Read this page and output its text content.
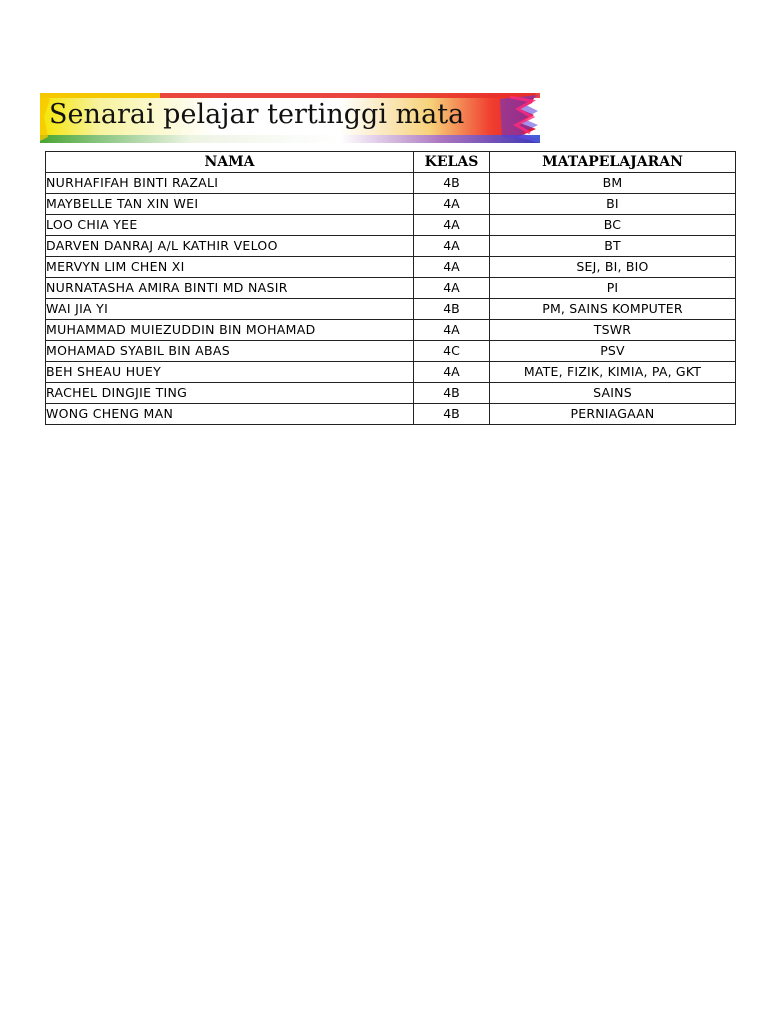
Senarai pelajar tertinggi mata
NAMA	KELAS	MATAPELAJARAN
NURHAFIFAH BINTI RAZALI	4B	BM
MAYBELLE TAN XIN WEI	4A	BI
LOO CHIA YEE	4A	BC
DARVEN DANRAJ A/L KATHIR VELOO	4A	BT
MERVYN LIM CHEN XI	4A	SEJ, BI, BIO
NURNATASHA AMIRA BINTI MD NASIR	4A	PI
WAI JIA YI	4B	PM, SAINS KOMPUTER
MUHAMMAD MUIEZUDDIN BIN MOHAMAD	4A	TSWR
MOHAMAD SYABIL BIN ABAS	4C	PSV
BEH SHEAU HUEY	4A	MATE, FIZIK, KIMIA, PA, GKT
RACHEL DINGJIE TING	4B	SAINS
WONG CHENG MAN	4B	PERNIAGAAN
